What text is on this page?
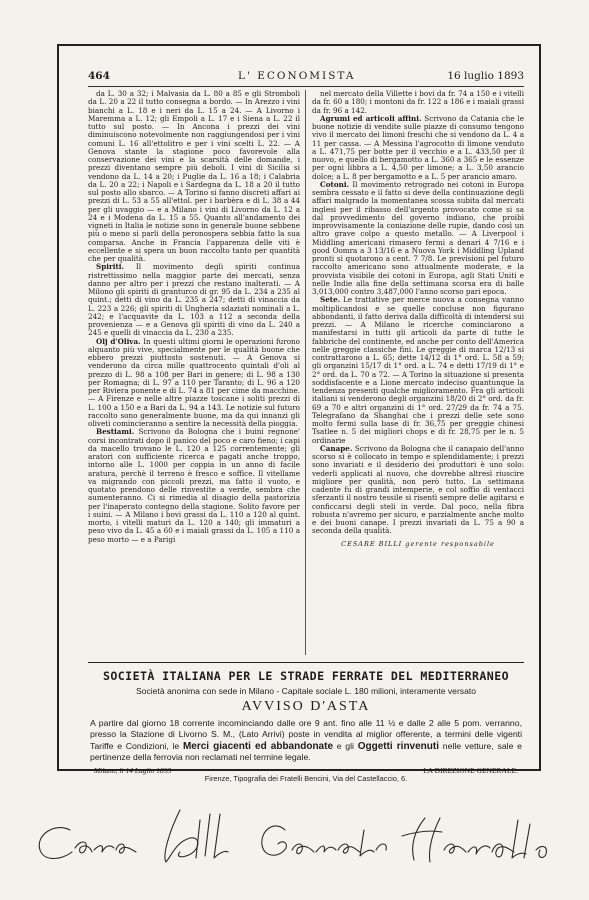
464	L' ECONOMISTA	16 luglio 1893

da L. 30 a 32; i Malvasia da L. 80 a 85 e gli Stromboli da L. 20 a 22 il tutto consegna a bordo. — In Arezzo i vini bianchi a L. 18 e i neri da L. 15 a 24. — A Livorno i Maremma a L. 12; gli Empoli a L. 17 e i Siena a L. 22 il tutto sul posto. — In Ancona i prezzi dei vini diminuiscono notevolmente non raggiungendosi per i vini comuni L. 16 all'ettolitro e per i vini scelti L. 22. — A Genova stante la stagione poco favorevole alla conservazione dei vini e la scarsità delle domande, i prezzi diventano sempre più deboli. I vini di Sicilia si vendono da L. 14 a 20; i Puglie da L. 16 a 18; i Calabria da L. 20 a 22; i Napoli e i Sardegna da L. 18 a 20 il tutto sul posto allo sbarco. — A Torino si fanno discreti affari ai prezzi di L. 53 a 55 all'ettol. per i barbèra e di L. 38 a 44 per gli uvaggio — e a Milano i vini di Livorno da L. 12 a 24 e i Modena da L. 15 a 55. Quanto all'andamento dei vigneti in Italia le notizie sono in generale buone sebbene più o meno si parli della peronospera sebbia fatto la sua comparsa. Anche in Francia l'apparenza delle viti è eccellente e si spera un buon raccolto tanto per quantità che per qualità.

Spiriti. Il movimento degli spiriti continua ristrettissimo nella maggior parte dei mercati, senza danno per altro per i prezzi che restano inalterati. — A Milono gli spiriti di granturco di gr. 95 da L. 234 a 235 al quint.; detti di vino da L. 235 a 247; detti di vinaccia da L. 223 a 226; gli spiriti di Ungheria sdaziati nominali a L. 242; e l'acquavite da L. 103 a 112 a seconda della provenienza — e a Genova gli spiriti di vino da L. 240 a 245 e quelli di vinaccia da L. 230 a 235.

Olj d'Oliva. In questi ultimi giorni le operazioni furono alquanto più vive, specialmente per le qualità buone che ebbero prezzi piuttosto sostenuti. — A Genova si venderono da circa mille quattrocento quintali d'oli al prezzo di L. 98 a 108 per Bari in genere; di L. 98 a 130 per Romagna; di L. 97 a 110 per Taranto; di L. 96 a 120 per Riviera ponente e di L. 74 a 81 per cime da macchine. — A Firenze e nelle altre piazze toscane i soliti prezzi di L. 100 a 150 e a Bari da L. 94 a 143. Le notizie sul futuro raccolto sono generalmente buone, ma da qui innanzi gli oliveti comincieranno a sentire la necessità della pioggia.

Bestiami. Scrivono da Bologna che i buini regnone' corsi incontrati dopo il panico del poco e caro fieno; i capi da macello trovano le L. 120 a 125 correntemente; gli aratori con sufficiente ricerca e pagati anche troppo, intorno alle L. 1000 per coppia in un anno di facile aratura, perchè il terreno è fresco e soffice. Il vitellame va migrando con piccoli prezzi, ma fatto il vuoto, e quotato prendono delle rinvestite a verde, sembra che aumenteranno. Ci si rimedia al disagio della pastorizia per l'inaperato contegno della stagione. Solito favore per i suini. — A Milano i bovi grassi da L. 110 a 120 al quint. morto, i vitelli maturi da L. 120 a 140; gli immaturi a peso vivo da L. 45 a 60 e i maiali grassi da L. 105 a 110 a peso morto — e a Parigi

nel mercato della Villette i bovi da fr. 74 a 150 e i vitelli da fr. 60 a 180; i montoni da fr. 122 a 186 e i maiali grassi da fr. 96 a 142.

Agrumi ed articoli affini. Scrivono da Catania che le buone notizie di vendite sulle piazze di consumo tengono vivo il mercato dei limoni freschi che si vendono da L. 4 a 11 per cassa. — A Messina l'agrocotto di limone venduto a L. 471,75 per botte per il vecchio e a L. 433,50 per il nuovo, e quello di bergamotto a L. 360 a 365 e le essenze per ogni libbra a L. 4,50 per limone; a L. 3,50 arancio dolce; a L. 8 per bergamotto e a L. 5 per arancio amaro.

Cotoni. Il movimento retrogrado nei cotoni in Europa sembra cessato e il fatto si deve della continuazione degli affari malgrado la momentanea scossa subita dal mercati inglesi per il ribasso dell'argento provocato come si sa dal provvedimento del governo indiano, che proibì improvvisamente la coniazione delle rupie, dando così un altro grave colpo a questo metallo. — A Liverpool i Middling americani rimasero fermi a denari 4 7/16 e i good Oomra a 3 13/16 e a Nuova York i Middling Upland pronti si quotarono a cent. 7 7/8. Le previsioni pel futuro raccolto americano sono attualmente moderate, e la provvista visibile dei cotoni in Europa, agli Stati Uniti e nelle Indie alla fine della settimana scorsa era di balle 3,013,000 contro 3,487,000 l'anno scorso pari epoca.

Sete. Le trattative per merce nuova a consegna vanno moltiplicandosi e se quelle concluse non figurano abbondanti, il fatto deriva dalla difficoltà di intendersi sui prezzi. — A Milano le ricerche cominciarono a manifestarsi in tutti gli articoli da parte di tutte le fabbriche del continente, ed anche per conto dell'America nelle greggie classiche fini. Le greggie di marca 12/13 si contrattarono a L. 65; dette 14/12 di 1° ord. L. 58 a 59; gli organzini 15/17 di 1° ord. a L. 74 e detti 17/19 di 1° e 2° ord. da L. 70 a 72. — A Torino la situazione si presenta soddisfacente e a Lione mercato indeciso quantunque la tendenza presenti qualche miglioramento. Fra gli articoli italiani si venderono degli organzini 18/20 di 2° ord. da fr. 69 a 70 e altri organzini di 1° ord. 27/29 da fr. 74 a 75. Telegrafano da Shanghai che i prezzi delle sete sono molto fermi sulla base di fr. 36,75 per greggie chinesi Tsatlee n. 5 dei migliori chops e di fr. 28,75 per le n. 5 ordinarie

Canape. Scrivono da Bologna che il canapaio dell'anno scorso si è collocato in tempo e splendidamente; i prezzi sono invariati e il desiderio dei produttori è uno solo: vederli applicati al nuovo, che dovrebbe altresì riuscire migliore per qualità, non però tutto. La settimana cadente fu di grandi intemperie, e col soffio di ventacci sferzanti il nostro tessile si risentì sempre delle agitarsi e conficcarsi degli steli in verde. Dal poco, nella fibra robusta n'avremo per sicuro, e parzialmente anche molto e dei buoni canape. I prezzi invariati da L. 75 a 90 a seconda della qualità.

CESARE BILLI gerente responsabile
SOCIETÀ ITALIANA PER LE STRADE FERRATE DEL MEDITERRANEO
Società anonima con sede in Milano - Capitale sociale L. 180 milioni, interamente versato
AVVISO D'ASTA
A partire dal giorno 18 corrente incominciando dalle ore 9 ant. fino alle 11 ½ e dalle 2 alle 5 pom. verranno, presso la Stazione di Livorno S. M., (Lato Arrivi) poste in vendita al miglior offerente, a termini delle vigenti Tariffe e Condizioni, le Merci giacenti ed abbandonate e gli Oggetti rinvenuti nelle vetture, sale e pertinenze della ferrovia non reclamati nel termine legale.
Milano, li 14 Luglio 1893	LA DIREZIONE GENERALE.
Firenze, Tipografia dei Fratelli Bencini, Via del Castellaccio, 6.
